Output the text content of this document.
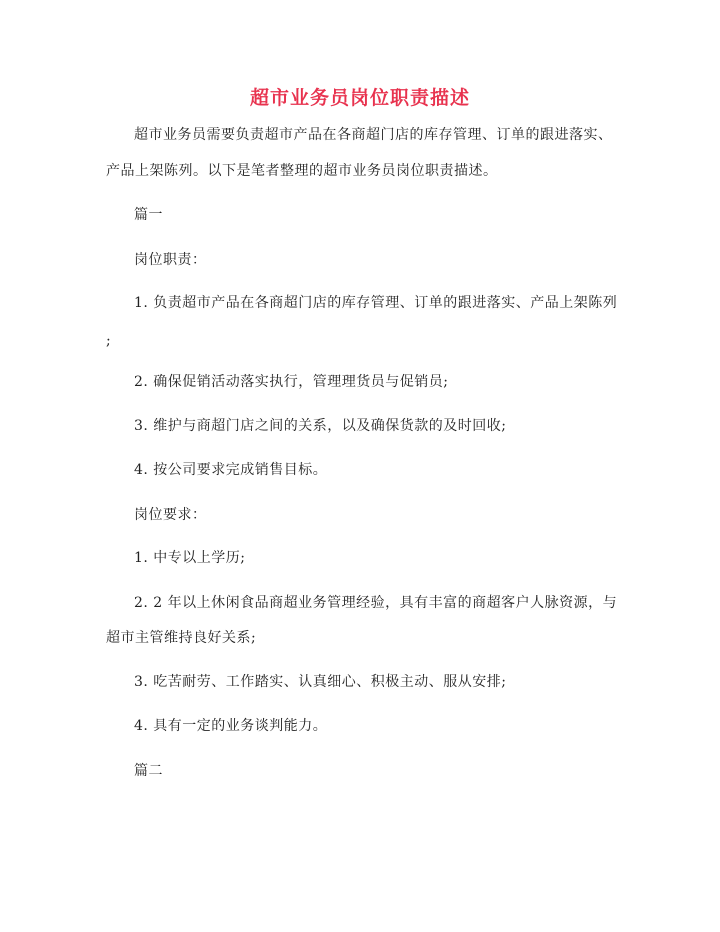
超市业务员岗位职责描述
超市业务员需要负责超市产品在各商超门店的库存管理、订单的跟进落实、
产品上架陈列。以下是笔者整理的超市业务员岗位职责描述。
篇一
岗位职责：
1. 负责超市产品在各商超门店的库存管理、订单的跟进落实、产品上架陈列
;
2. 确保促销活动落实执行，管理理货员与促销员;
3. 维护与商超门店之间的关系，以及确保货款的及时回收;
4. 按公司要求完成销售目标。
岗位要求：
1. 中专以上学历;
2. 2 年以上休闲食品商超业务管理经验，具有丰富的商超客户人脉资源，与
超市主管维持良好关系;
3. 吃苦耐劳、工作踏实、认真细心、积极主动、服从安排;
4. 具有一定的业务谈判能力。
篇二
